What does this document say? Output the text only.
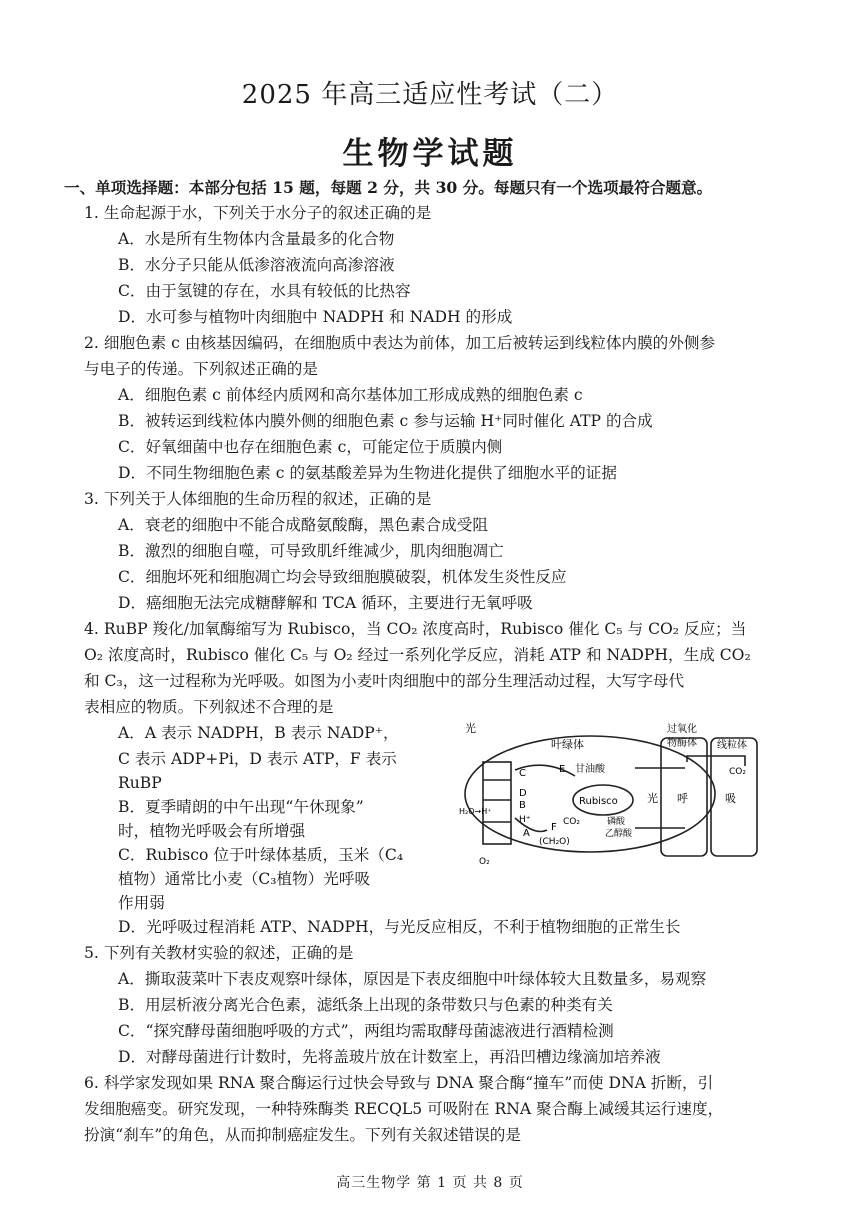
2025 年高三适应性考试（二）
生物学试题
一、单项选择题：本部分包括 15 题，每题 2 分，共 30 分。每题只有一个选项最符合题意。
1. 生命起源于水，下列关于水分子的叙述正确的是
A．水是所有生物体内含量最多的化合物
B．水分子只能从低渗溶液流向高渗溶液
C．由于氢键的存在，水具有较低的比热容
D．水可参与植物叶肉细胞中 NADPH 和 NADH 的形成
2. 细胞色素 c 由核基因编码，在细胞质中表达为前体，加工后被转运到线粒体内膜的外侧参
与电子的传递。下列叙述正确的是
A．细胞色素 c 前体经内质网和高尔基体加工形成成熟的细胞色素 c
B．被转运到线粒体内膜外侧的细胞色素 c 参与运输 H⁺同时催化 ATP 的合成
C．好氧细菌中也存在细胞色素 c，可能定位于质膜内侧
D．不同生物细胞色素 c 的氨基酸差异为生物进化提供了细胞水平的证据
3. 下列关于人体细胞的生命历程的叙述，正确的是
A．衰老的细胞中不能合成酪氨酸酶，黑色素合成受阻
B．激烈的细胞自噬，可导致肌纤维减少，肌肉细胞凋亡
C．细胞坏死和细胞凋亡均会导致细胞膜破裂，机体发生炎性反应
D．癌细胞无法完成糖酵解和 TCA 循环，主要进行无氧呼吸
4. RuBP 羧化/加氧酶缩写为 Rubisco，当 CO₂ 浓度高时，Rubisco 催化 C₅ 与 CO₂ 反应；当
O₂ 浓度高时，Rubisco 催化 C₅ 与 O₂ 经过一系列化学反应，消耗 ATP 和 NADPH，生成 CO₂
和 C₃，这一过程称为光呼吸。如图为小麦叶肉细胞中的部分生理活动过程，大写字母代
表相应的物质。下列叙述不合理的是
A．A 表示 NADPH，B 表示 NADP⁺，
C 表示 ADP+Pi，D 表示 ATP，F 表示
RuBP
B．夏季晴朗的中午出现“午休现象”
时，植物光呼吸会有所增强
C．Rubisco 位于叶绿体基质，玉米（C₄
植物）通常比小麦（C₃植物）光呼吸
作用弱
光
叶绿体
过氧化
物酶体 线粒体
甘油酸
Rubisco	光 呼	吸
CO₂
CO₂	磷酸
乙醇酸
(CH₂O)
O₂
H₂O→H⁺
C
D
B
A
E
F
H⁺
D．光呼吸过程消耗 ATP、NADPH，与光反应相反，不利于植物细胞的正常生长
5. 下列有关教材实验的叙述，正确的是
A．撕取菠菜叶下表皮观察叶绿体，原因是下表皮细胞中叶绿体较大且数量多，易观察
B．用层析液分离光合色素，滤纸条上出现的条带数只与色素的种类有关
C．“探究酵母菌细胞呼吸的方式”，两组均需取酵母菌滤液进行酒精检测
D．对酵母菌进行计数时，先将盖玻片放在计数室上，再沿凹槽边缘滴加培养液
6. 科学家发现如果 RNA 聚合酶运行过快会导致与 DNA 聚合酶“撞车”而使 DNA 折断，引
发细胞癌变。研究发现，一种特殊酶类 RECQL5 可吸附在 RNA 聚合酶上减缓其运行速度，
扮演“刹车”的角色，从而抑制癌症发生。下列有关叙述错误的是
高三生物学 第 1 页 共 8 页
